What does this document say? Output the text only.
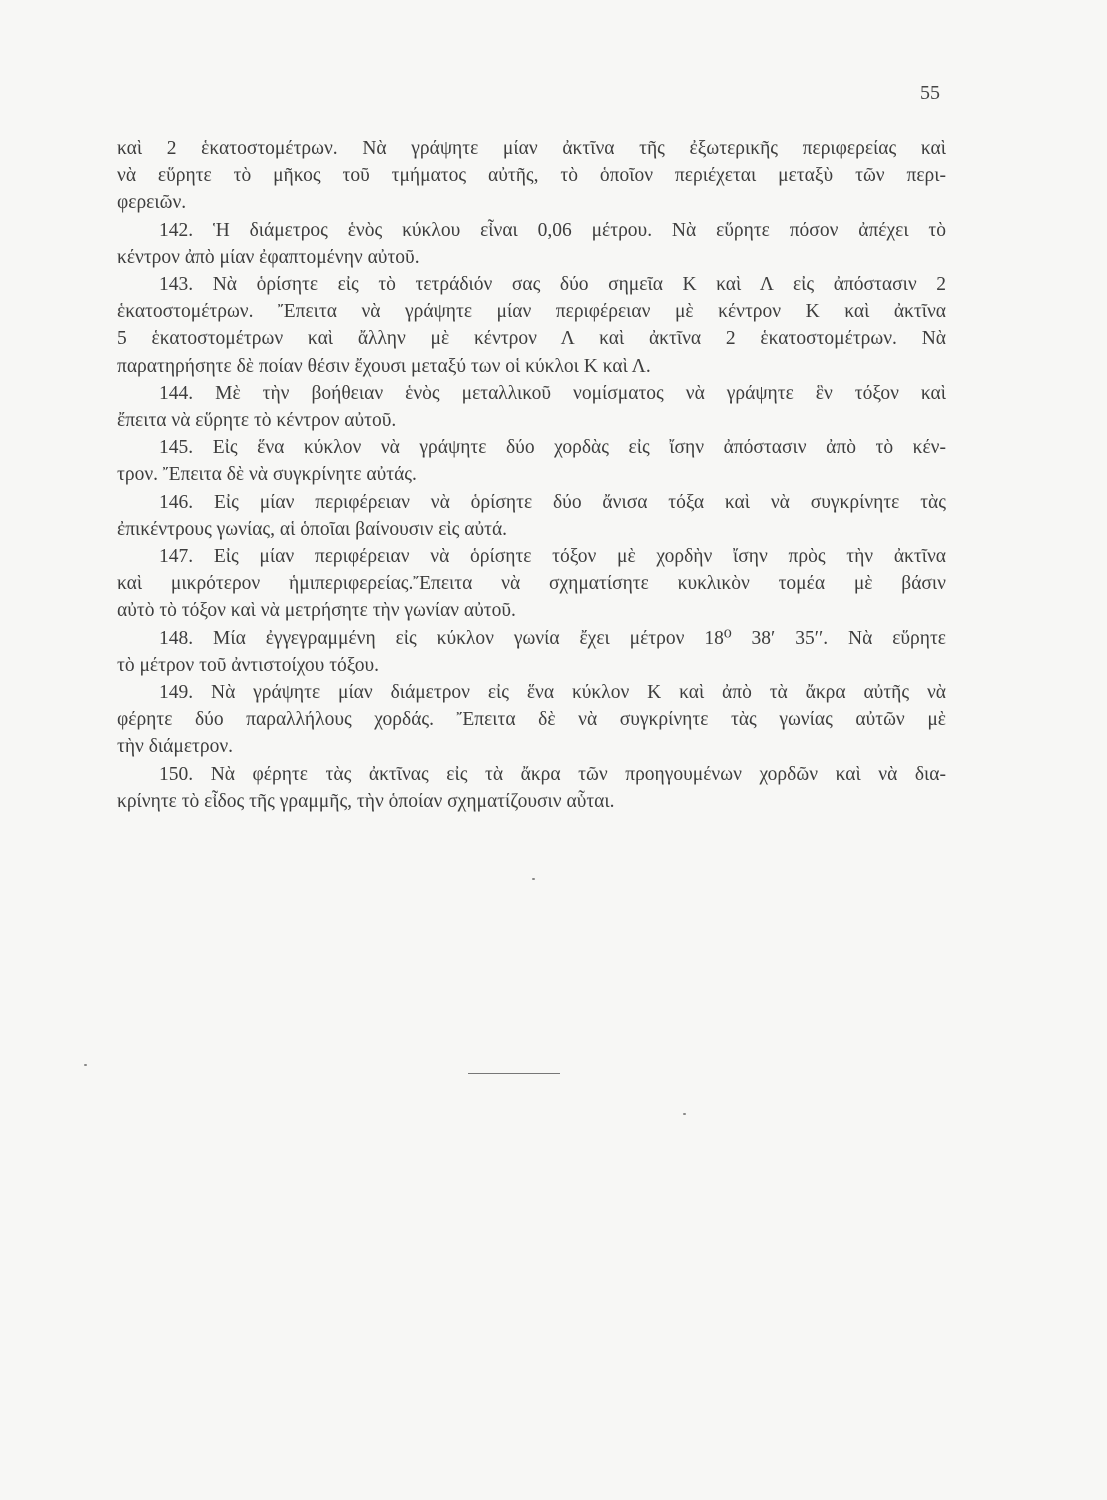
55
καὶ 2 ἑκατοστομέτρων. Νὰ γράψητε μίαν ἀκτῖνα τῆς ἐξωτερικῆς περιφερείας καὶ
νὰ εὕρητε τὸ μῆκος τοῦ τμήματος αὐτῆς, τὸ ὁποῖον περιέχεται μεταξὺ τῶν περι-
φερειῶν.
142. Ἡ διάμετρος ἑνὸς κύκλου εἶναι 0,06 μέτρου. Νὰ εὕρητε πόσον ἀπέχει τὸ
κέντρον ἀπὸ μίαν ἐφαπτομένην αὐτοῦ.
143. Νὰ ὁρίσητε εἰς τὸ τετράδιόν σας δύο σημεῖα Κ καὶ Λ εἰς ἀπόστασιν 2
ἑκατοστομέτρων. Ἔπειτα νὰ γράψητε μίαν περιφέρειαν μὲ κέντρον Κ καὶ ἀκτῖνα
5 ἑκατοστομέτρων καὶ ἄλλην μὲ κέντρον Λ καὶ ἀκτῖνα 2 ἑκατοστομέτρων. Νὰ
παρατηρήσητε δὲ ποίαν θέσιν ἔχουσι μεταξύ των οἱ κύκλοι Κ καὶ Λ.
144. Μὲ τὴν βοήθειαν ἑνὸς μεταλλικοῦ νομίσματος νὰ γράψητε ἓν τόξον καὶ
ἔπειτα νὰ εὕρητε τὸ κέντρον αὐτοῦ.
145. Εἰς ἕνα κύκλον νὰ γράψητε δύο χορδὰς εἰς ἴσην ἀπόστασιν ἀπὸ τὸ κέν-
τρον. Ἔπειτα δὲ νὰ συγκρίνητε αὐτάς.
146. Εἰς μίαν περιφέρειαν νὰ ὁρίσητε δύο ἄνισα τόξα καὶ νὰ συγκρίνητε τὰς
ἐπικέντρους γωνίας, αἱ ὁποῖαι βαίνουσιν εἰς αὐτά.
147. Εἰς μίαν περιφέρειαν νὰ ὁρίσητε τόξον μὲ χορδὴν ἴσην πρὸς τὴν ἀκτῖνα
καὶ μικρότερον ἡμιπεριφερείας.Ἔπειτα νὰ σχηματίσητε κυκλικὸν τομέα μὲ βάσιν
αὐτὸ τὸ τόξον καὶ νὰ μετρήσητε τὴν γωνίαν αὐτοῦ.
148. Μία ἐγγεγραμμένη εἰς κύκλον γωνία ἔχει μέτρον 18⁰ 38′ 35′′. Νὰ εὕρητε
τὸ μέτρον τοῦ ἀντιστοίχου τόξου.
149. Νὰ γράψητε μίαν διάμετρον εἰς ἕνα κύκλον Κ καὶ ἀπὸ τὰ ἄκρα αὐτῆς νὰ
φέρητε δύο παραλλήλους χορδάς. Ἔπειτα δὲ νὰ συγκρίνητε τὰς γωνίας αὐτῶν μὲ
τὴν διάμετρον.
150. Νὰ φέρητε τὰς ἀκτῖνας εἰς τὰ ἄκρα τῶν προηγουμένων χορδῶν καὶ νὰ δια-
κρίνητε τὸ εἶδος τῆς γραμμῆς, τὴν ὁποίαν σχηματίζουσιν αὗται.
